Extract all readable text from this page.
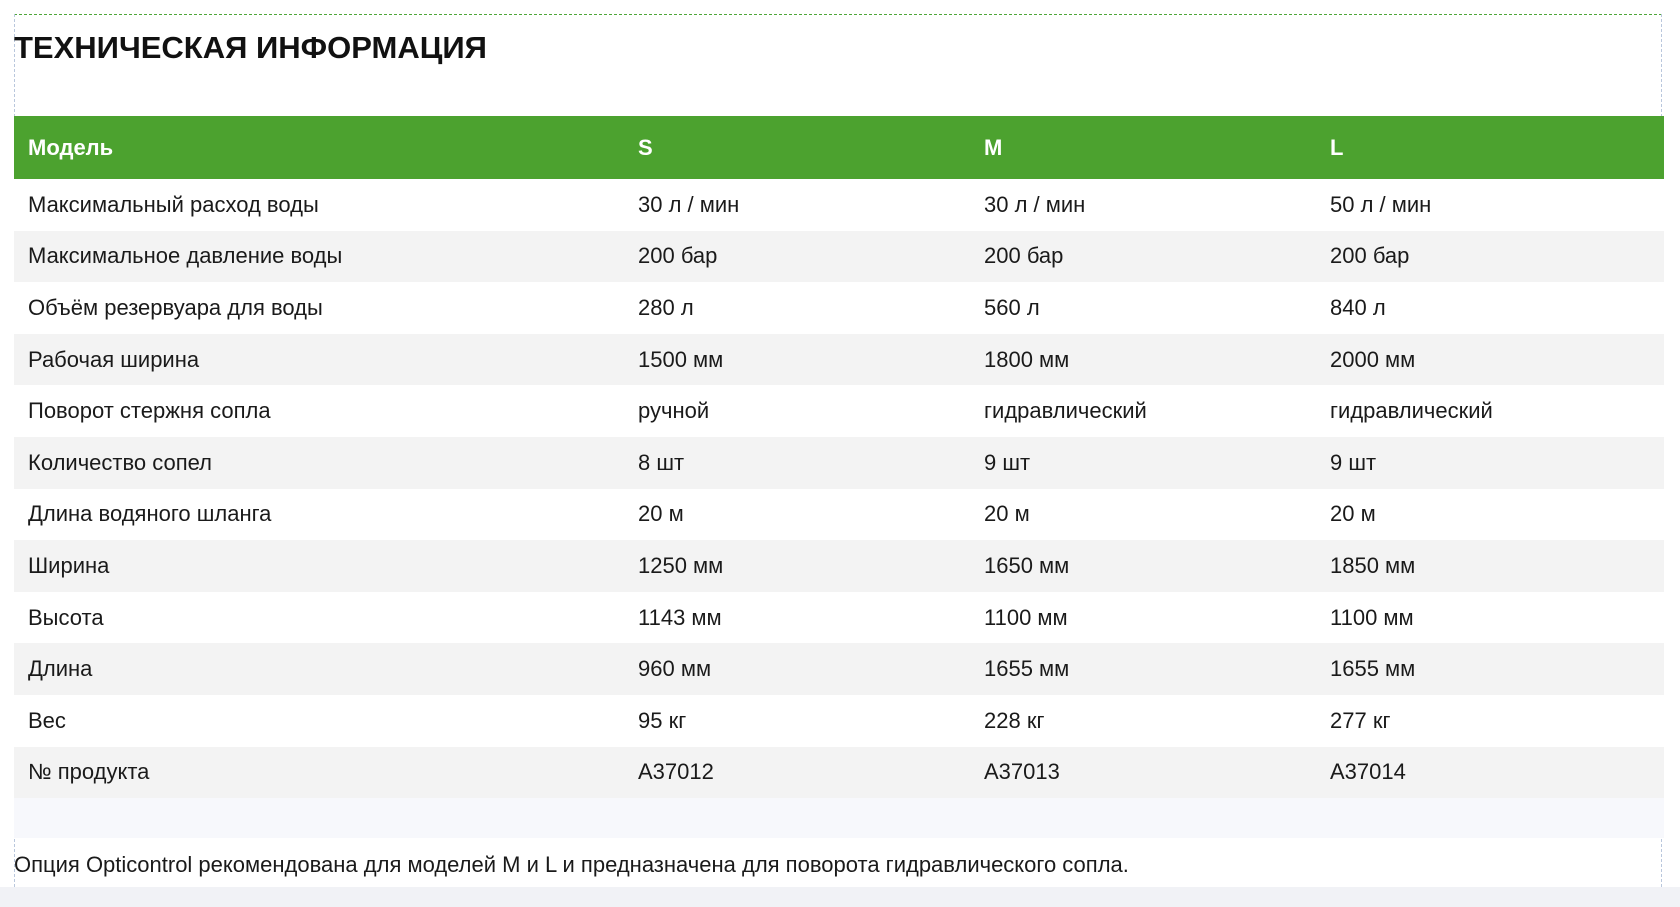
ТЕХНИЧЕСКАЯ ИНФОРМАЦИЯ
Модель	S	M	L
Максимальный расход воды	30 л / мин	30 л / мин	50 л / мин
Максимальное давление воды	200 бар	200 бар	200 бар
Объём резервуара для воды	280 л	560 л	840 л
Рабочая ширина	1500 мм	1800 мм	2000 мм
Поворот стержня сопла	ручной	гидравлический	гидравлический
Количество сопел	8 шт	9 шт	9 шт
Длина водяного шланга	20 м	20 м	20 м
Ширина	1250 мм	1650 мм	1850 мм
Высота	1143 мм	1100 мм	1100 мм
Длина	960 мм	1655 мм	1655 мм
Вес	95 кг	228 кг	277 кг
№ продукта	A37012	A37013	A37014

Опция Opticontrol рекомендована для моделей M и L и предназначена для поворота гидравлического сопла.
